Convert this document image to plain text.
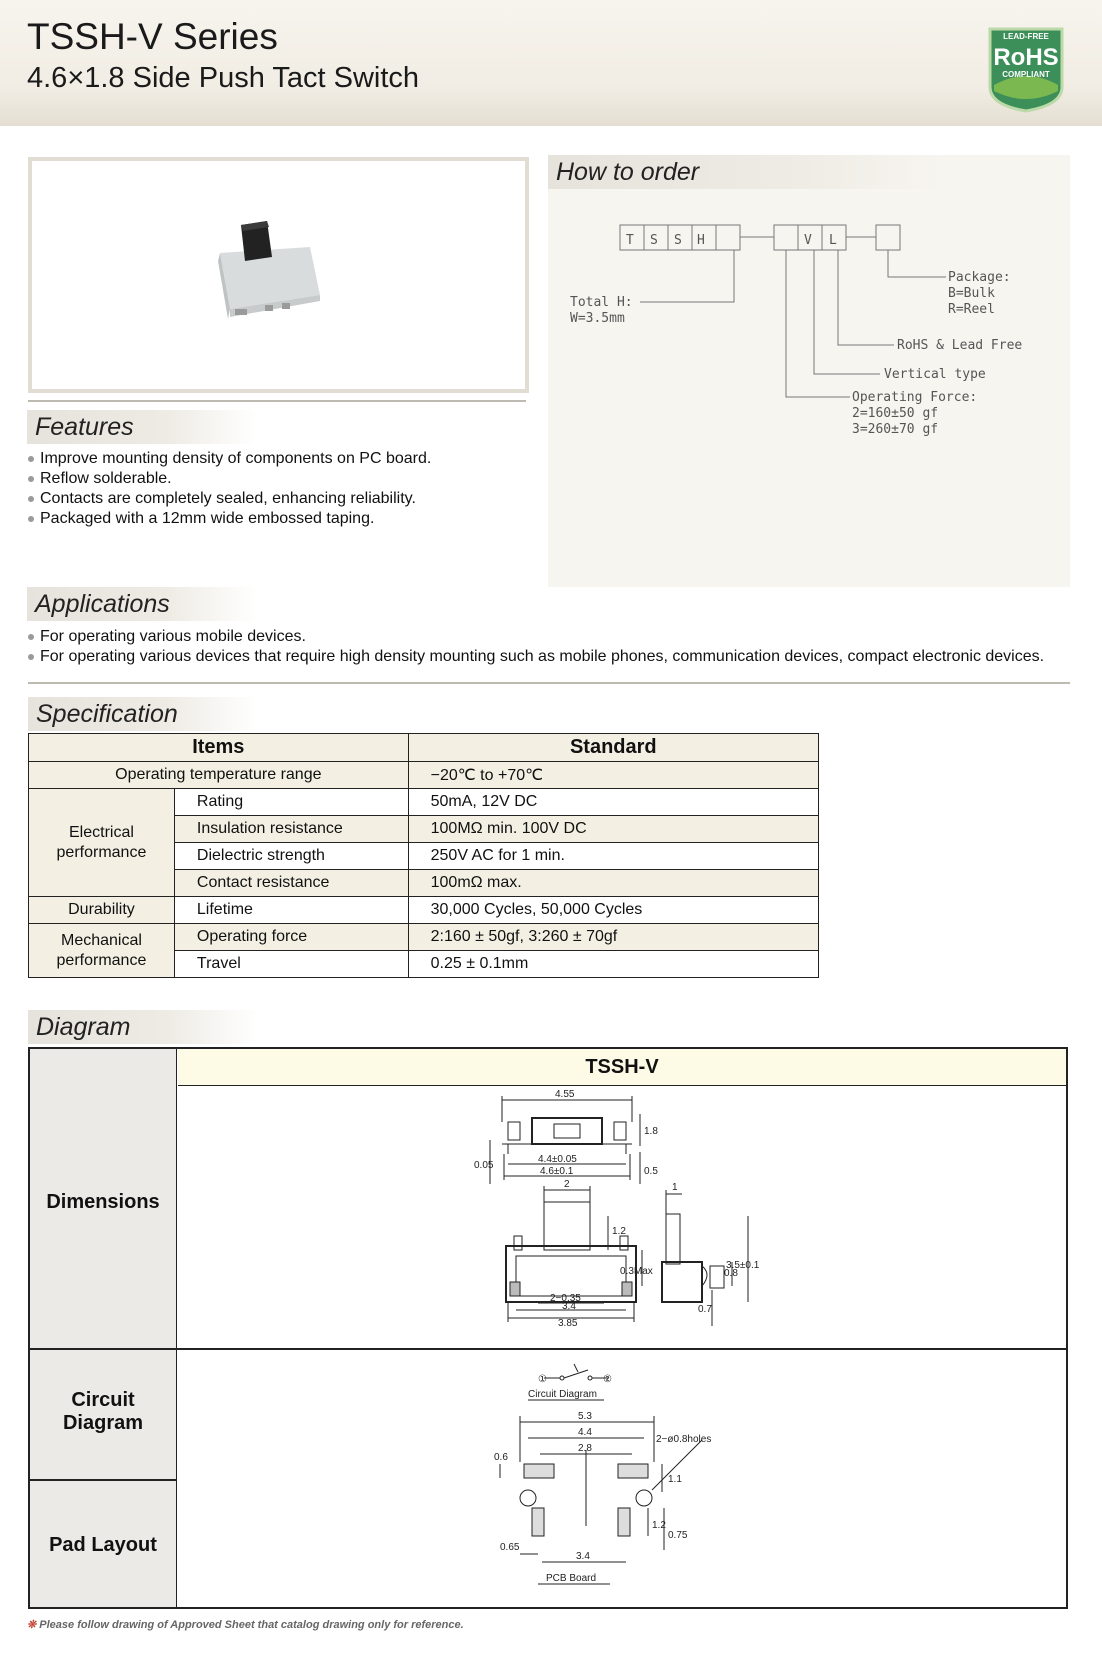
TSSH-V Series
4.6×1.8 Side Push Tact Switch
LEAD-FREE
RoHS
COMPLIANT
How to order
T S S H	V L
Total H:
W=3.5mm
Package:
B=Bulk
R=Reel
RoHS & Lead Free
Vertical type
Operating Force:
2=160±50 gf
3=260±70 gf
Features
Improve mounting density of components on PC board.
Reflow solderable.
Contacts are completely sealed, enhancing reliability.
Packaged with a 12mm wide embossed taping.
Applications
For operating various mobile devices.
For operating various devices that require high density mounting such as mobile phones, communication devices, compact electronic devices.
Specification
Items		Standard
Operating temperature range		−20℃ to +70℃

Electrical performance	Rating	50mA, 12V DC
	Insulation resistance	100MΩ min. 100V DC
	Dielectric strength	250V AC for 1 min.
	Contact resistance	100mΩ max.
Durability	Lifetime	30,000 Cycles, 50,000 Cycles

Mechanical performance	Operating force	2:160 ± 50gf, 3:260 ± 70gf
	Travel	0.25 ± 0.1mm
Diagram
TSSH-V
Dimensions
Circuit Diagram
Pad Layout
4.55
1.8
0.05
4.4±0.05
4.6±0.1	0.5
2
1.2
0.3Max
2−0.35
3.4
3.85
1
0.8
3.5±0.1
0.7
①	②
Circuit Diagram
5.3
4.4
2.8
0.6
2−ø0.8holes
1.1
1.2
0.75
0.65
3.4
PCB Board
❊ Please follow drawing of Approved Sheet that catalog drawing only for reference.
